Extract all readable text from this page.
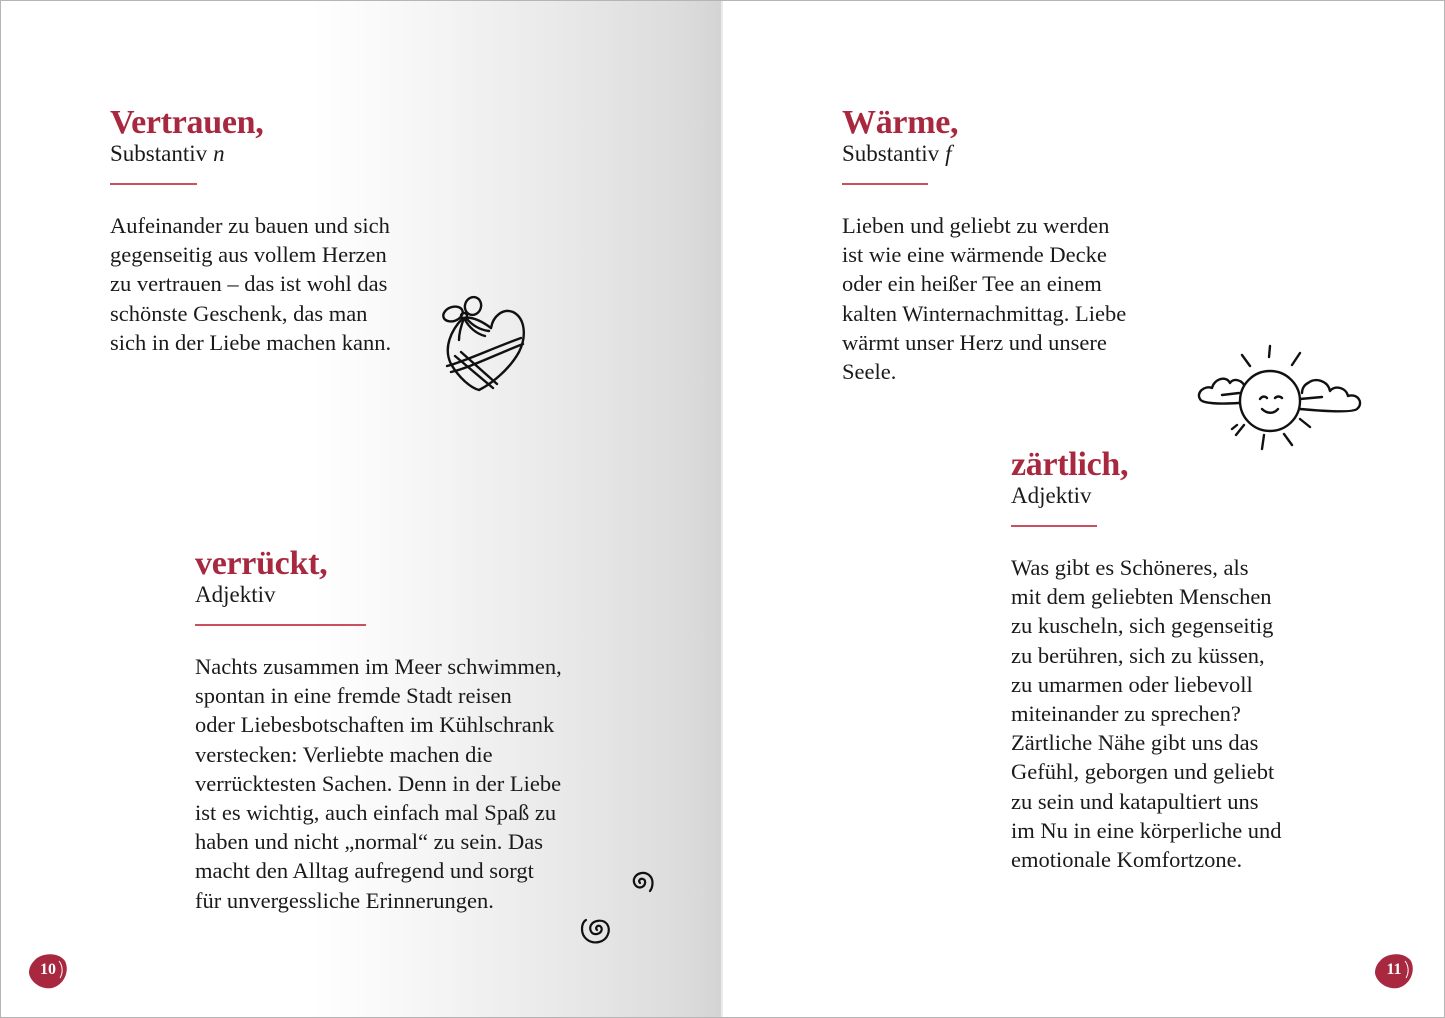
Vertrauen,
Substantiv n
Aufeinander zu bauen und sich
gegenseitig aus vollem Herzen
zu vertrauen – das ist wohl das
schönste Geschenk, das man
sich in der Liebe machen kann.
verrückt,
Adjektiv
Nachts zusammen im Meer schwimmen,
spontan in eine fremde Stadt reisen
oder Liebesbotschaften im Kühlschrank
verstecken: Verliebte machen die
verrücktesten Sachen. Denn in der Liebe
ist es wichtig, auch einfach mal Spaß zu
haben und nicht „normal“ zu sein. Das
macht den Alltag aufregend und sorgt
für unvergessliche Erinnerungen.
10
Wärme,
Substantiv f
Lieben und geliebt zu werden
ist wie eine wärmende Decke
oder ein heißer Tee an einem
kalten Winternachmittag. Liebe
wärmt unser Herz und unsere
Seele.
zärtlich,
Adjektiv
Was gibt es Schöneres, als
mit dem geliebten Menschen
zu kuscheln, sich gegenseitig
zu berühren, sich zu küssen,
zu umarmen oder liebevoll
miteinander zu sprechen?
Zärtliche Nähe gibt uns das
Gefühl, geborgen und geliebt
zu sein und katapultiert uns
im Nu in eine körperliche und
emotionale Komfortzone.
11
